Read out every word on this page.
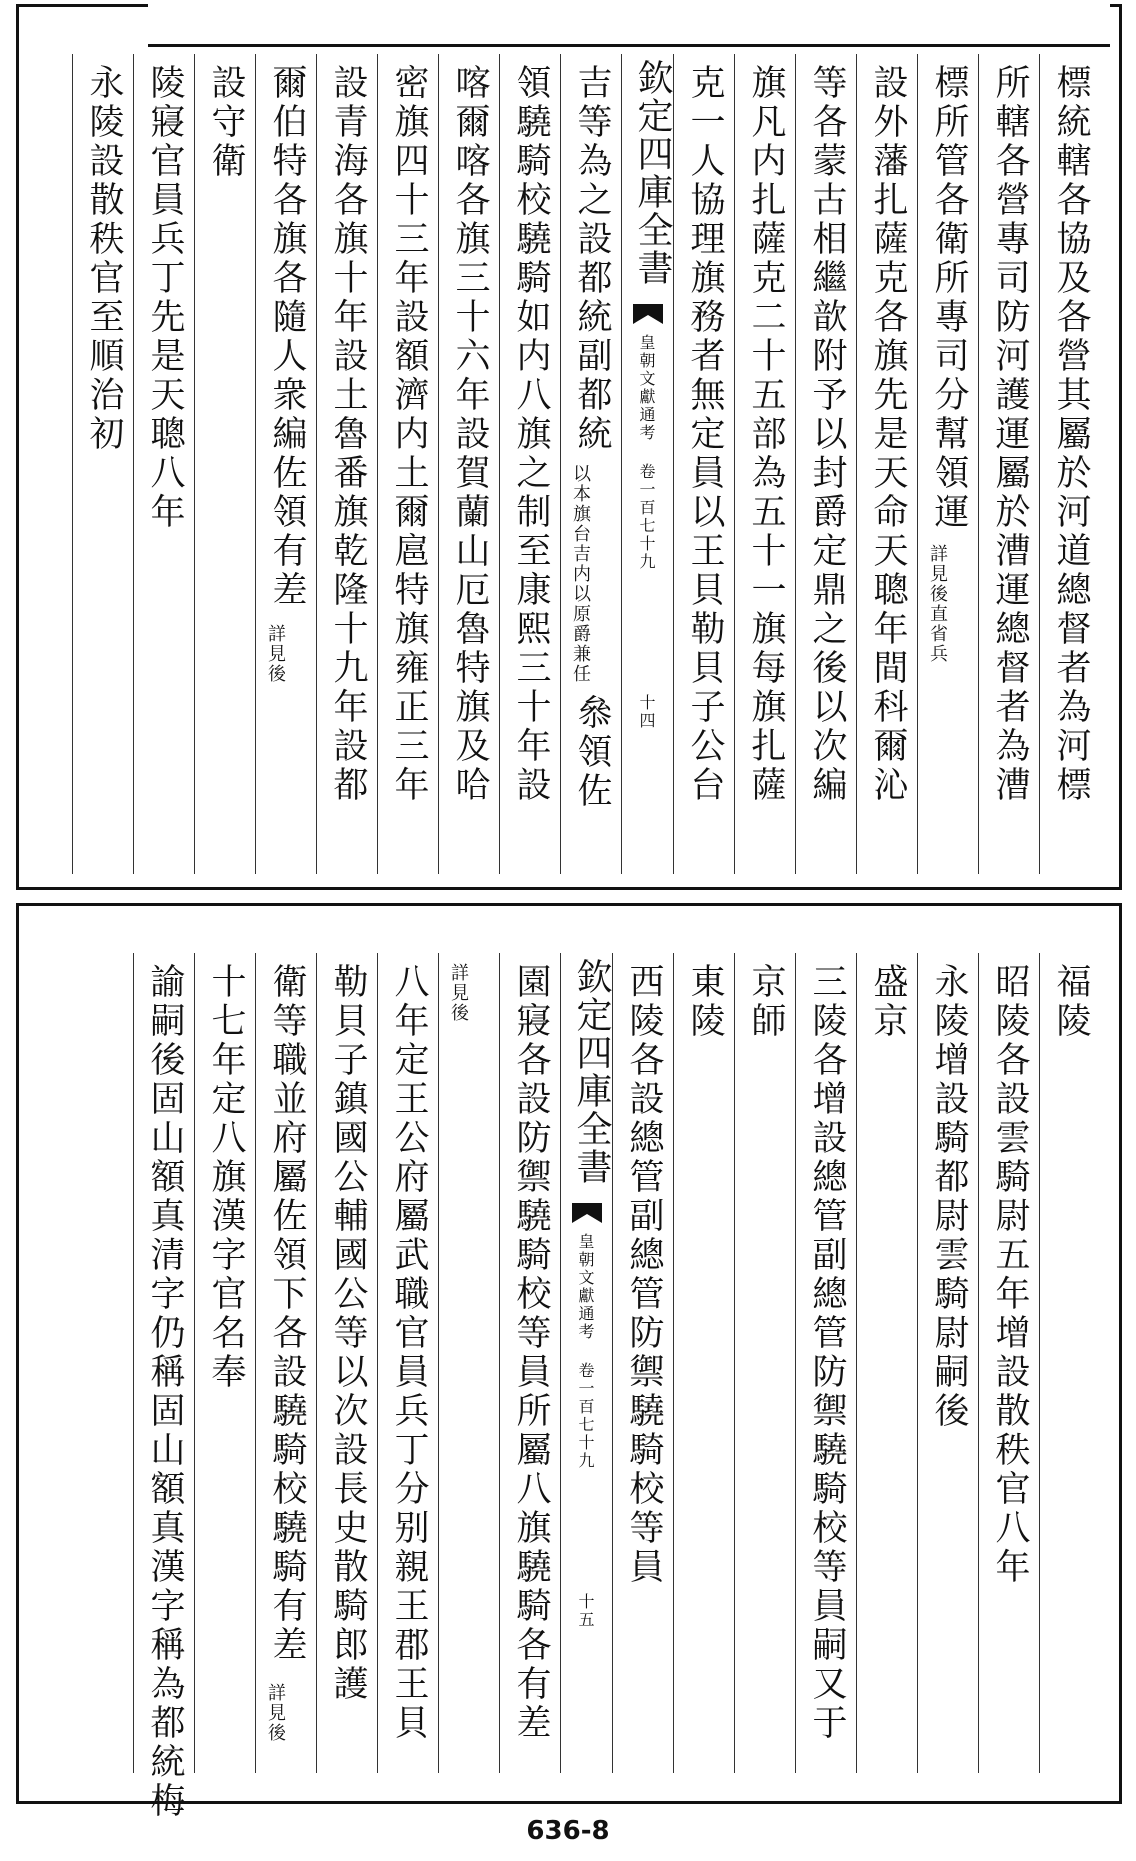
標統轄各協及各營其屬於河道總督者為河標
所轄各營專司防河護運屬於漕運總督者為漕
標所管各衛所專司分幫領運
詳見後直省兵
設外藩扎薩克各旗先是天命天聰年間科爾沁
等各蒙古相繼歆附予以封爵定鼎之後以次編
旗凡内扎薩克二十五部為五十一旗每旗扎薩
克一人協理旗務者無定員以王貝勒貝子公台
欽定四庫全書
皇朝文獻通考 卷一百七十九
十四
吉等為之設都統副都統
以本旗台吉内以原爵兼任
叅領佐
領驍騎校驍騎如内八旗之制至康熙三十年設
喀爾喀各旗三十六年設賀蘭山厄魯特旗及哈
密旗四十三年設額濟内土爾扈特旗雍正三年
設青海各旗十年設土魯番旗乾隆十九年設都
爾伯特各旗各隨人衆編佐領有差
詳見後
設守衛
陵寢官員兵丁先是天聰八年
永陵設散秩官至順治初
福陵
昭陵各設雲騎尉五年增設散秩官八年
永陵增設騎都尉雲騎尉嗣後
盛京
三陵各增設總管副總管防禦驍騎校等員嗣又于
京師
東陵
西陵各設總管副總管防禦驍騎校等員
欽定四庫全書
皇朝文獻通考 卷一百七十九
十五
園寢各設防禦驍騎校等員所屬八旗驍騎各有差
詳見後
八年定王公府屬武職官員兵丁分别親王郡王貝
勒貝子鎮國公輔國公等以次設長史散騎郎護
衛等職並府屬佐領下各設驍騎校驍騎有差
詳見後
十七年定八旗漢字官名奉
諭嗣後固山額真清字仍稱固山額真漢字稱為都統梅
636-8
